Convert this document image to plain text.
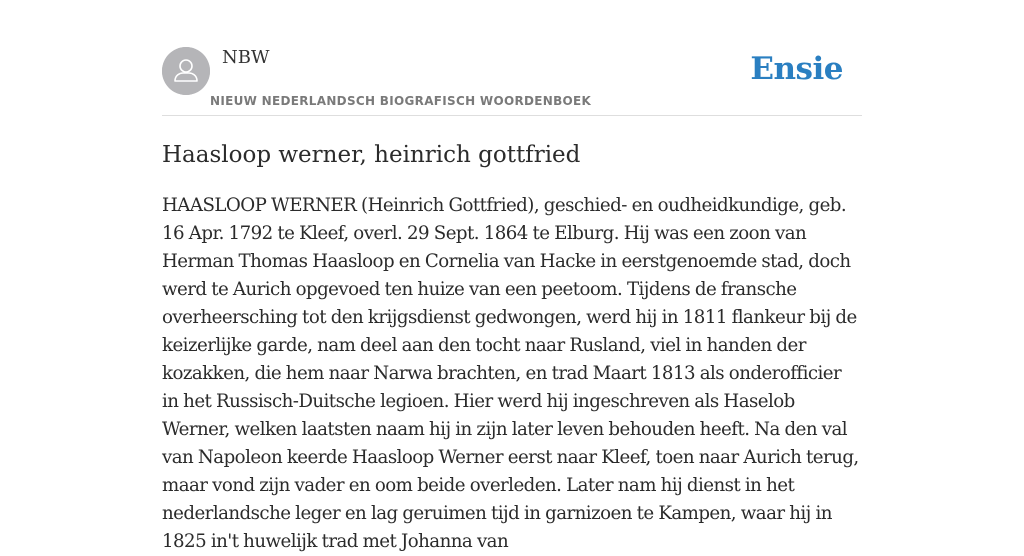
NBW
NIEUW NEDERLANDSCH BIOGRAFISCH WOORDENBOEK
Ensie
Haasloop werner, heinrich gottfried

HAASLOOP WERNER (Heinrich Gottfried), geschied- en oudheidkundige, geb. 16 Apr. 1792 te Kleef, overl. 29 Sept. 1864 te Elburg. Hij was een zoon van Herman Thomas Haasloop en Cornelia van Hacke in eerstgenoemde stad, doch werd te Aurich opgevoed ten huize van een peetoom. Tijdens de fransche overheersching tot den krijgsdienst gedwongen, werd hij in 1811 flankeur bij de keizerlijke garde, nam deel aan den tocht naar Rusland, viel in handen der kozakken, die hem naar Narwa brachten, en trad Maart 1813 als onderofficier in het Russisch-Duitsche legioen. Hier werd hij ingeschreven als Haselob Werner, welken laatsten naam hij in zijn later leven behouden heeft. Na den val van Napoleon keerde Haasloop Werner eerst naar Kleef, toen naar Aurich terug, maar vond zijn vader en oom beide overleden. Later nam hij dienst in het nederlandsche leger en lag geruimen tijd in garnizoen te Kampen, waar hij in 1825 in't huwelijk trad met Johanna van
